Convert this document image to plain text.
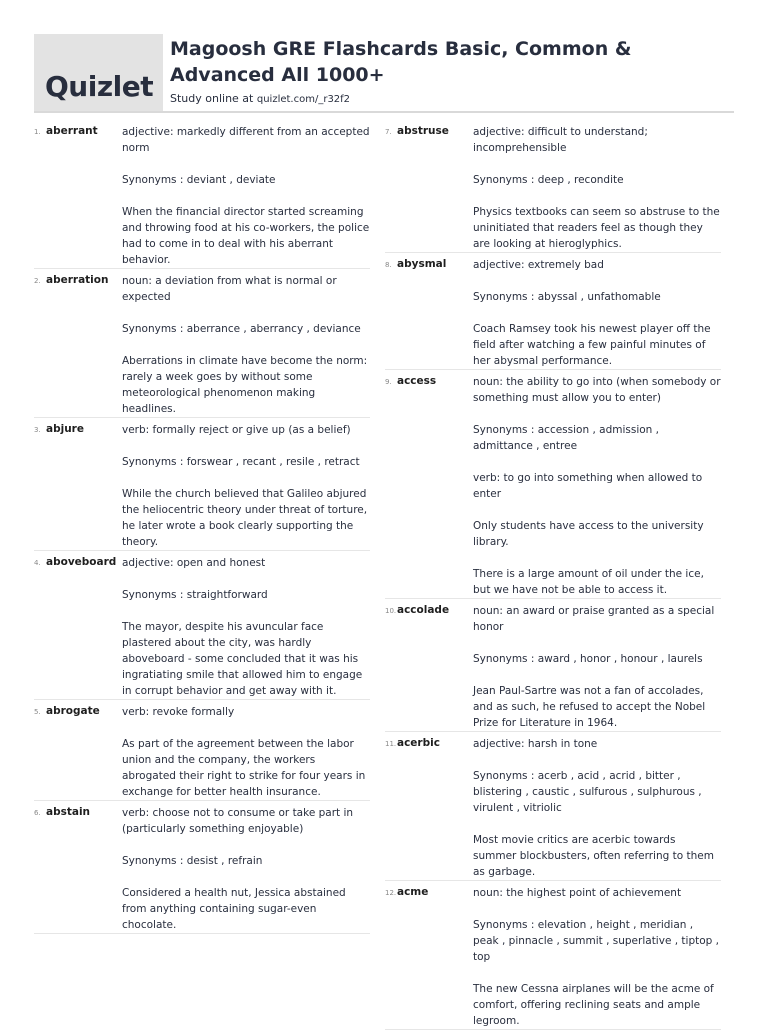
Quizlet
Magoosh GRE Flashcards Basic, Common & Advanced All 1000+
Study online at quizlet.com/_r32f2
1. aberrant	adjective: markedly different from an accepted norm

Synonyms : deviant , deviate

When the financial director started screaming and throwing food at his co-workers, the police had to come in to deal with his aberrant behavior.

2. aberration	noun: a deviation from what is normal or expected

Synonyms : aberrance , aberrancy , deviance

Aberrations in climate have become the norm: rarely a week goes by without some meteorological phenomenon making headlines.

3. abjure	verb: formally reject or give up (as a belief)

Synonyms : forswear , recant , resile , retract

While the church believed that Galileo abjured the heliocentric theory under threat of torture, he later wrote a book clearly supporting the theory.

4. aboveboard adjective: open and honest

Synonyms : straightforward

The mayor, despite his avuncular face plastered about the city, was hardly aboveboard - some concluded that it was his ingratiating smile that allowed him to engage in corrupt behavior and get away with it.

5. abrogate	verb: revoke formally

As part of the agreement between the labor union and the company, the workers abrogated their right to strike for four years in exchange for better health insurance.

6. abstain	verb: choose not to consume or take part in (particularly something enjoyable)

Synonyms : desist , refrain

Considered a health nut, Jessica abstained from anything containing sugar-even chocolate.

7. abstruse	adjective: difficult to understand; incomprehensible

Synonyms : deep , recondite

Physics textbooks can seem so abstruse to the uninitiated that readers feel as though they are looking at hieroglyphics.

8. abysmal	adjective: extremely bad

Synonyms : abyssal , unfathomable

Coach Ramsey took his newest player off the field after watching a few painful minutes of her abysmal performance.

9. access	noun: the ability to go into (when somebody or something must allow you to enter)

Synonyms : accession , admission , admittance , entree

verb: to go into something when allowed to enter

Only students have access to the university library.

There is a large amount of oil under the ice, but we have not be able to access it.

10. accolade	noun: an award or praise granted as a special honor

Synonyms : award , honor , honour , laurels

Jean Paul-Sartre was not a fan of accolades, and as such, he refused to accept the Nobel Prize for Literature in 1964.

11. acerbic	adjective: harsh in tone

Synonyms : acerb , acid , acrid , bitter , blistering , caustic , sulfurous , sulphurous , virulent , vitriolic

Most movie critics are acerbic towards summer blockbusters, often referring to them as garbage.

12. acme	noun: the highest point of achievement

Synonyms : elevation , height , meridian , peak , pinnacle , summit , superlative , tiptop , top

The new Cessna airplanes will be the acme of comfort, offering reclining seats and ample legroom.
